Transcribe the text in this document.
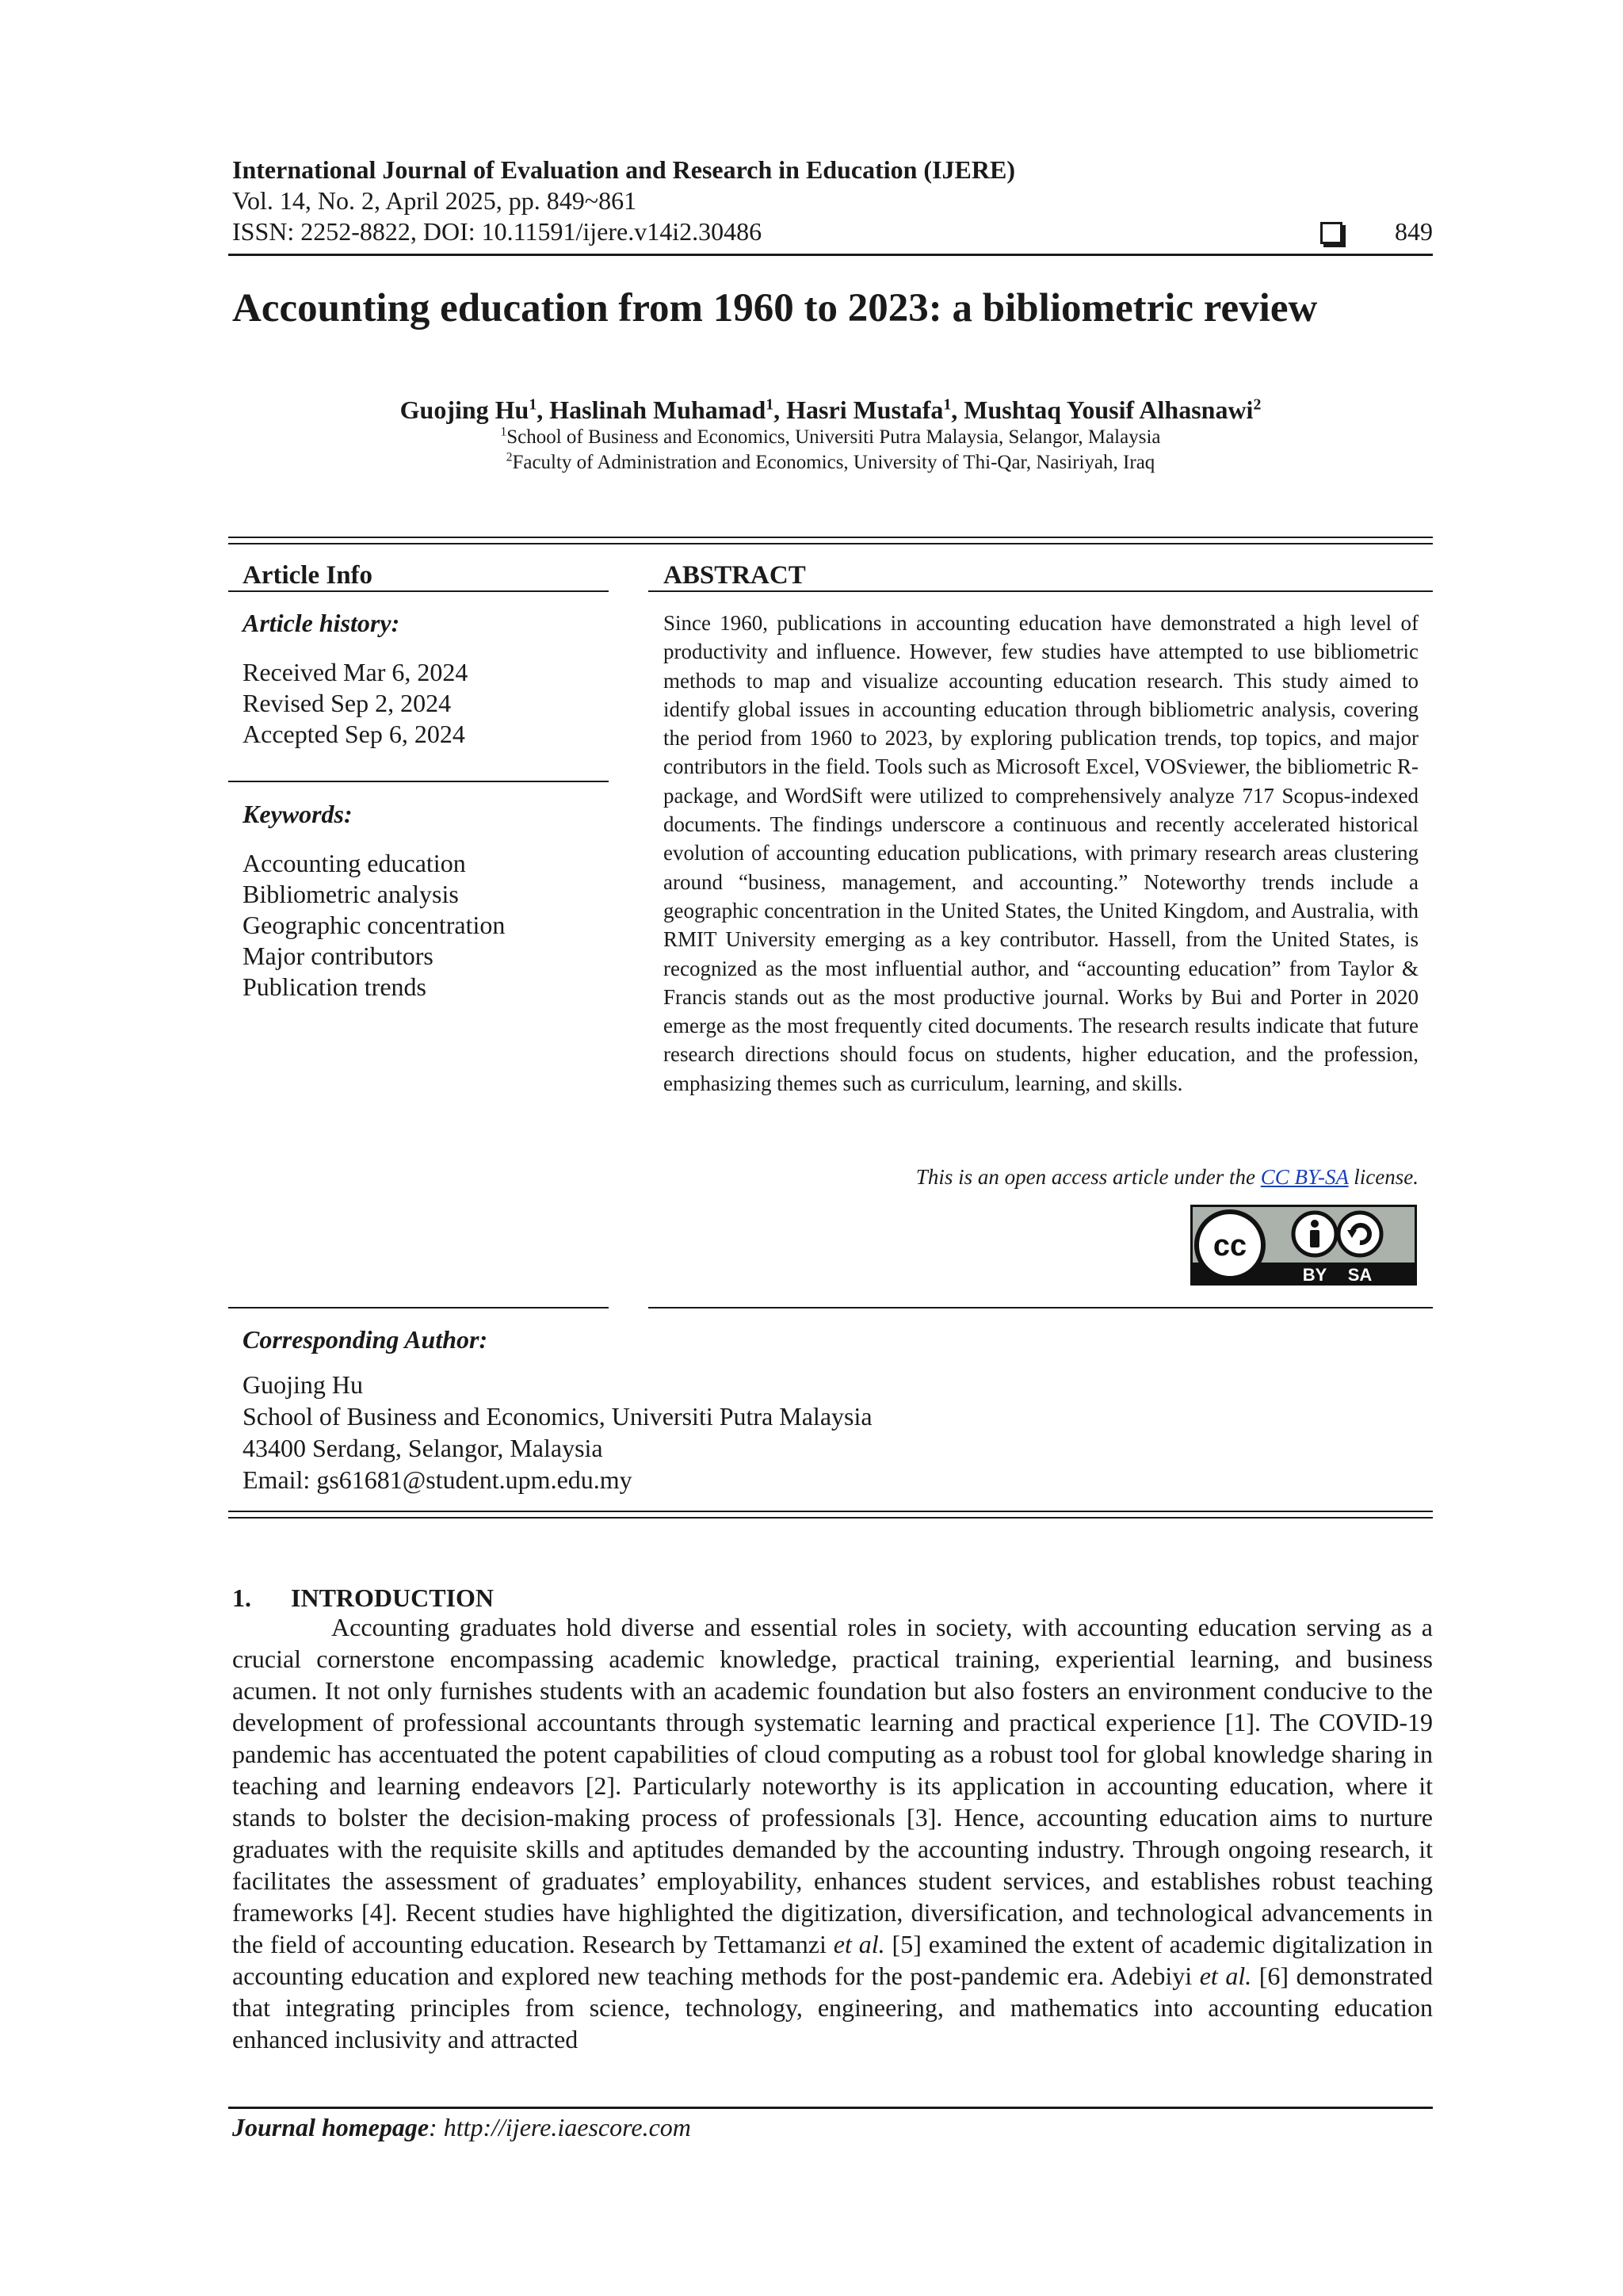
International Journal of Evaluation and Research in Education (IJERE)
Vol. 14, No. 2, April 2025, pp. 849~861
ISSN: 2252-8822, DOI: 10.11591/ijere.v14i2.30486	849
Accounting education from 1960 to 2023: a bibliometric review
Guojing Hu$^1$, Haslinah Muhamad$^1$, Hasri Mustafa$^1$, Mushtaq Yousif Alhasnawi$^2$
$^1$School of Business and Economics, Universiti Putra Malaysia, Selangor, Malaysia
$^2$Faculty of Administration and Economics, University of Thi-Qar, Nasiriyah, Iraq
Article Info
Article history:
Received Mar 6, 2024
Revised Sep 2, 2024
Accepted Sep 6, 2024
Keywords:
Accounting education
Bibliometric analysis
Geographic concentration
Major contributors
Publication trends
ABSTRACT
Since 1960, publications in accounting education have demonstrated a high level of productivity and influence. However, few studies have attempted to use bibliometric methods to map and visualize accounting education research. This study aimed to identify global issues in accounting education through bibliometric analysis, covering the period from 1960 to 2023, by exploring publication trends, top topics, and major contributors in the field. Tools such as Microsoft Excel, VOSviewer, the bibliometric R-package, and WordSift were utilized to comprehensively analyze 717 Scopus-indexed documents. The findings underscore a continuous and recently accelerated historical evolution of accounting education publications, with primary research areas clustering around “business, management, and accounting.” Noteworthy trends include a geographic concentration in the United States, the United Kingdom, and Australia, with RMIT University emerging as a key contributor. Hassell, from the United States, is recognized as the most influential author, and “accounting education” from Taylor & Francis stands out as the most productive journal. Works by Bui and Porter in 2020 emerge as the most frequently cited documents. The research results indicate that future research directions should focus on students, higher education, and the profession, emphasizing themes such as curriculum, learning, and skills.
This is an open access article under the CC BY-SA license.
cc
BY SA
Corresponding Author:
Guojing Hu
School of Business and Economics, Universiti Putra Malaysia
43400 Serdang, Selangor, Malaysia
Email: gs61681@student.upm.edu.my
1. INTRODUCTION
Accounting graduates hold diverse and essential roles in society, with accounting education serving as a crucial cornerstone encompassing academic knowledge, practical training, experiential learning, and business acumen. It not only furnishes students with an academic foundation but also fosters an environment conducive to the development of professional accountants through systematic learning and practical experience [1]. The COVID-19 pandemic has accentuated the potent capabilities of cloud computing as a robust tool for global knowledge sharing in teaching and learning endeavors [2]. Particularly noteworthy is its application in accounting education, where it stands to bolster the decision-making process of professionals [3]. Hence, accounting education aims to nurture graduates with the requisite skills and aptitudes demanded by the accounting industry. Through ongoing research, it facilitates the assessment of graduates’ employability, enhances student services, and establishes robust teaching frameworks [4]. Recent studies have highlighted the digitization, diversification, and technological advancements in the field of accounting education. Research by Tettamanzi et al. [5] examined the extent of academic digitalization in accounting education and explored new teaching methods for the post-pandemic era. Adebiyi et al. [6] demonstrated that integrating principles from science, technology, engineering, and mathematics into accounting education enhanced inclusivity and attracted
Journal homepage: http://ijere.iaescore.com
